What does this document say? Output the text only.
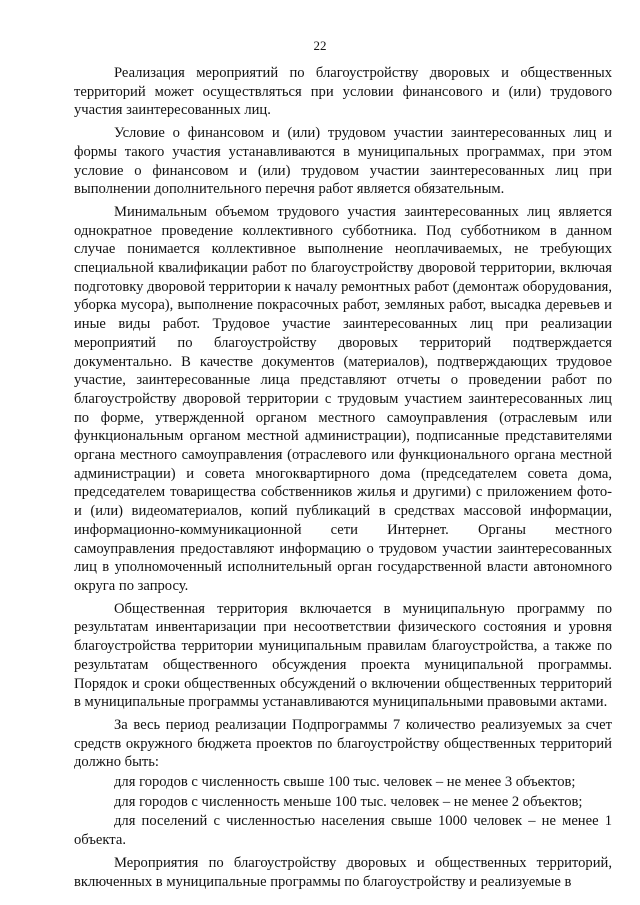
22

Реализация мероприятий по благоустройству дворовых и общественных территорий может осуществляться при условии финансового и (или) трудового участия заинтересованных лиц.

Условие о финансовом и (или) трудовом участии заинтересованных лиц и формы такого участия устанавливаются в муниципальных программах, при этом условие о финансовом и (или) трудовом участии заинтересованных лиц при выполнении дополнительного перечня работ является обязательным.

Минимальным объемом трудового участия заинтересованных лиц является однократное проведение коллективного субботника. Под субботником в данном случае понимается коллективное выполнение неоплачиваемых, не требующих специальной квалификации работ по благоустройству дворовой территории, включая подготовку дворовой территории к началу ремонтных работ (демонтаж оборудования, уборка мусора), выполнение покрасочных работ, земляных работ, высадка деревьев и иные виды работ. Трудовое участие заинтересованных лиц при реализации мероприятий по благоустройству дворовых территорий подтверждается документально. В качестве документов (материалов), подтверждающих трудовое участие, заинтересованные лица представляют отчеты о проведении работ по благоустройству дворовой территории с трудовым участием заинтересованных лиц по форме, утвержденной органом местного самоуправления (отраслевым или функциональным органом местной администрации), подписанные представителями органа местного самоуправления (отраслевого или функционального органа местной администрации) и совета многоквартирного дома (председателем совета дома, председателем товарищества собственников жилья и другими) с приложением фото- и (или) видеоматериалов, копий публикаций в средствах массовой информации, информационно-коммуникационной сети Интернет. Органы местного самоуправления предоставляют информацию о трудовом участии заинтересованных лиц в уполномоченный исполнительный орган государственной власти автономного округа по запросу.

Общественная территория включается в муниципальную программу по результатам инвентаризации при несоответствии физического состояния и уровня благоустройства территории муниципальным правилам благоустройства, а также по результатам общественного обсуждения проекта муниципальной программы. Порядок и сроки общественных обсуждений о включении общественных территорий в муниципальные программы устанавливаются муниципальными правовыми актами.

За весь период реализации Подпрограммы 7 количество реализуемых за счет средств окружного бюджета проектов по благоустройству общественных территорий должно быть:

для городов с численность свыше 100 тыс. человек – не менее 3 объектов;

для городов с численность меньше 100 тыс. человек – не менее 2 объектов;

для поселений с численностью населения свыше 1000 человек – не менее 1 объекта.

Мероприятия по благоустройству дворовых и общественных территорий, включенных в муниципальные программы по благоустройству и реализуемые в
